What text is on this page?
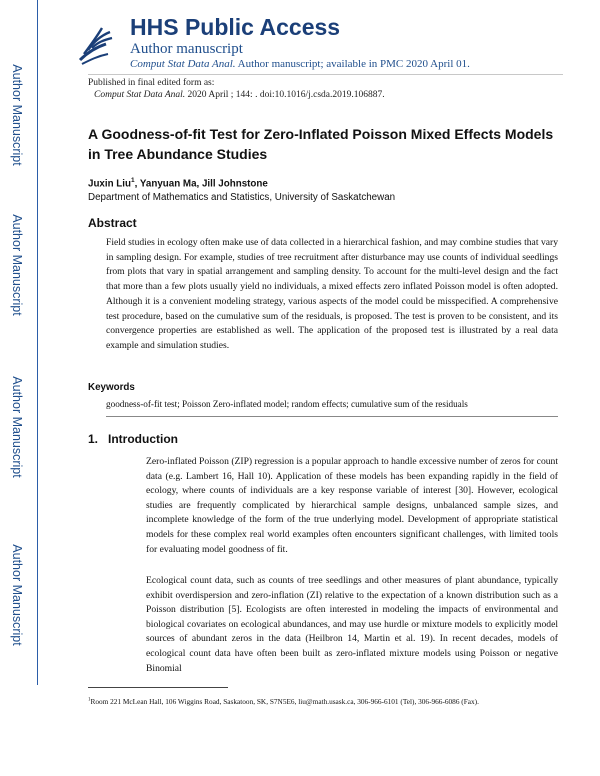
Author Manuscript
Author Manuscript
Author Manuscript
Author Manuscript
HHS Public Access
Author manuscript
Comput Stat Data Anal. Author manuscript; available in PMC 2020 April 01.
Published in final edited form as:
Comput Stat Data Anal. 2020 April ; 144: . doi:10.1016/j.csda.2019.106887.
A Goodness-of-fit Test for Zero-Inflated Poisson Mixed Effects Models in Tree Abundance Studies
Juxin Liu$^1$, Yanyuan Ma, Jill Johnstone
Department of Mathematics and Statistics, University of Saskatchewan
Abstract
Field studies in ecology often make use of data collected in a hierarchical fashion, and may combine studies that vary in sampling design. For example, studies of tree recruitment after disturbance may use counts of individual seedlings from plots that vary in spatial arrangement and sampling density. To account for the multi-level design and the fact that more than a few plots usually yield no individuals, a mixed effects zero inflated Poisson model is often adopted. Although it is a convenient modeling strategy, various aspects of the model could be misspecified. A comprehensive test procedure, based on the cumulative sum of the residuals, is proposed. The test is proven to be consistent, and its convergence properties are established as well. The application of the proposed test is illustrated by a real data example and simulation studies.
Keywords
goodness-of-fit test; Poisson Zero-inflated model; random effects; cumulative sum of the residuals
1. Introduction
Zero-inflated Poisson (ZIP) regression is a popular approach to handle excessive number of zeros for count data (e.g. Lambert 16, Hall 10). Application of these models has been expanding rapidly in the field of ecology, where counts of individuals are a key response variable of interest [30]. However, ecological studies are frequently complicated by hierarchical sample designs, unbalanced sample sizes, and incomplete knowledge of the form of the true underlying model. Development of appropriate statistical models for these complex real world examples often encounters significant challenges, with limited tools for evaluating model goodness of fit.
Ecological count data, such as counts of tree seedlings and other measures of plant abundance, typically exhibit overdispersion and zero-inflation (ZI) relative to the expectation of a known distribution such as a Poisson distribution [5]. Ecologists are often interested in modeling the impacts of environmental and biological covariates on ecological abundances, and may use hurdle or mixture models to explicitly model sources of abundant zeros in the data (Heilbron 14, Martin et al. 19). In recent decades, models of ecological count data have often been built as zero-inflated mixture models using Poisson or negative Binomial
$^1$Room 221 McLean Hall, 106 Wiggins Road, Saskatoon, SK, S7N5E6, liu@math.usask.ca, 306-966-6101 (Tel), 306-966-6086 (Fax).
